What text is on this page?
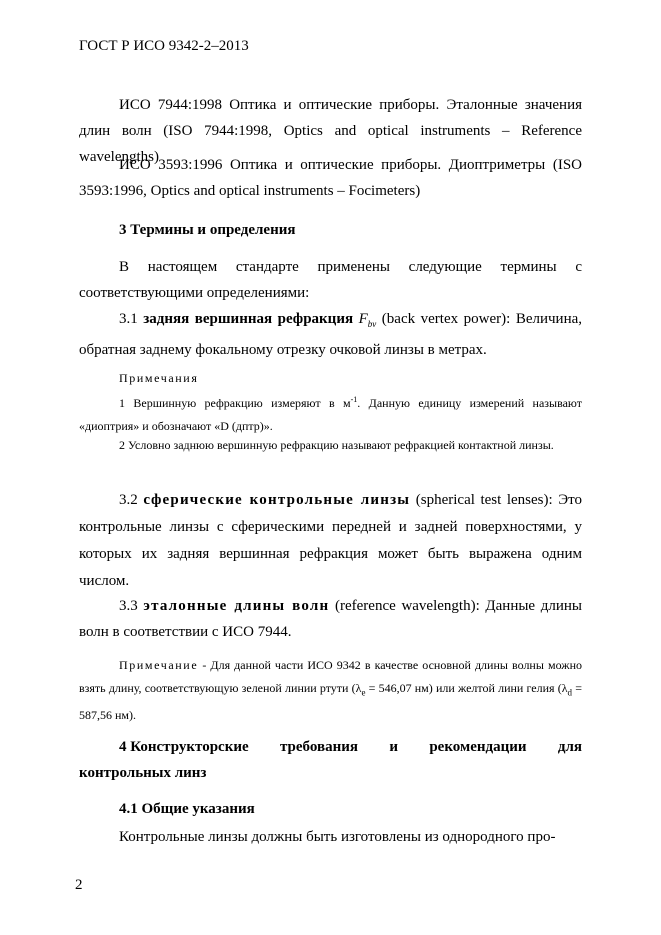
ГОСТ Р ИСО 9342-2–2013

ИСО 7944:1998 Оптика и оптические приборы. Эталонные значения длин волн (ISO 7944:1998, Optics and optical instruments – Reference wavelengths)

ИСО 3593:1996 Оптика и оптические приборы. Диоптриметры (ISO 3593:1996, Optics and optical instruments – Focimeters)

3 Термины и определения

В настоящем стандарте применены следующие термины с соответствующими определениями:

3.1 задняя вершинная рефракция $F_{bv}$ (back vertex power): Величина, обратная заднему фокальному отрезку очковой линзы в метрах.

Примечания

1 Вершинную рефракцию измеряют в $м^{-1}$. Данную единицу измерений называют «диоптрия» и обозначают «D (дптр)».

2 Условно заднюю вершинную рефракцию называют рефракцией контактной линзы.

3.2 сферические контрольные линзы (spherical test lenses): Это контрольные линзы с сферическими передней и задней поверхностями, у которых их задняя вершинная рефракция может быть выражена одним числом.

3.3 эталонные длины волн (reference wavelength): Данные длины волн в соответствии с ИСО 7944.

Примечание - Для данной части ИСО 9342 в качестве основной длины волны можно взять длину, соответствующую зеленой линии ртути ($\lambda_e = 546,07$ нм) или желтой лини гелия ($\lambda_d = 587,56$ нм).

4 Конструкторские требования и рекомендации для

контрольных линз

4.1 Общие указания

Контрольные линзы должны быть изготовлены из однородного про-

2
